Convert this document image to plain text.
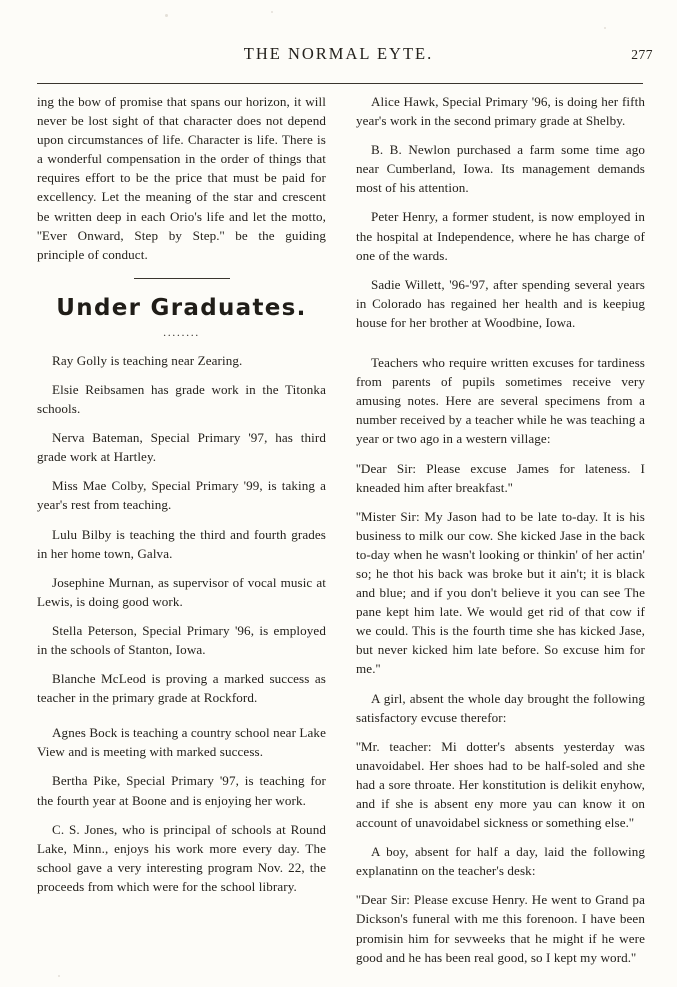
THE NORMAL EYTE.	277

ing the bow of promise that spans our horizon, it will never be lost sight of that character does not depend upon circumstances of life. Character is life. There is a wonderful compensation in the order of things that requires effort to be the price that must be paid for excellency. Let the meaning of the star and crescent be written deep in each Orio's life and let the motto, ''Ever Onward, Step by Step.'' be the guiding principle of conduct.

Under Graduates.
........

Ray Golly is teaching near Zearing.

Elsie Reibsamen has grade work in the Titonka schools.

Nerva Bateman, Special Primary '97, has third grade work at Hartley.

Miss Mae Colby, Special Primary '99, is taking a year's rest from teaching.

Lulu Bilby is teaching the third and fourth grades in her home town, Galva.

Josephine Murnan, as supervisor of vocal music at Lewis, is doing good work.

Stella Peterson, Special Primary '96, is employed in the schools of Stanton, Iowa.

Blanche McLeod is proving a marked success as teacher in the primary grade at Rockford.

Agnes Bock is teaching a country school near Lake View and is meeting with marked success.

Bertha Pike, Special Primary '97, is teaching for the fourth year at Boone and is enjoying her work.

C. S. Jones, who is principal of schools at Round Lake, Minn., enjoys his work more every day. The school gave a very interesting program Nov. 22, the proceeds from which were for the school library.

Alice Hawk, Special Primary '96, is doing her fifth year's work in the second primary grade at Shelby.

B. B. Newlon purchased a farm some time ago near Cumberland, Iowa. Its management demands most of his attention.

Peter Henry, a former student, is now employed in the hospital at Independence, where he has charge of one of the wards.

Sadie Willett, '96-'97, after spending several years in Colorado has regained her health and is keepiug house for her brother at Woodbine, Iowa.

Teachers who require written excuses for tardiness from parents of pupils sometimes receive very amusing notes. Here are several specimens from a number received by a teacher while he was teaching a year or two ago in a western village:

''Dear Sir: Please excuse James for lateness. I kneaded him after breakfast.''

''Mister Sir: My Jason had to be late to-day. It is his business to milk our cow. She kicked Jase in the back to-day when he wasn't looking or thinkin' of her actin' so; he thot his back was broke but it ain't; it is black and blue; and if you don't believe it you can see The pane kept him late. We would get rid of that cow if we could. This is the fourth time she has kicked Jase, but never kicked him late before. So excuse him for me.''

A girl, absent the whole day brought the following satisfactory evcuse therefor:

''Mr. teacher: Mi dotter's absents yesterday was unavoidabel. Her shoes had to be half-soled and she had a sore throate. Her konstitution is delikit enyhow, and if she is absent eny more yau can know it on account of unavoidabel sickness or something else.''

A boy, absent for half a day, laid the following explanatinn on the teacher's desk:

''Dеar Sir: Please excuse Henry. He went to Grand pa Dickson's funeral with me this forenoon. I have been promisin him for sevweeks that he might if he were good and he has been real good, so I kept my word.''
